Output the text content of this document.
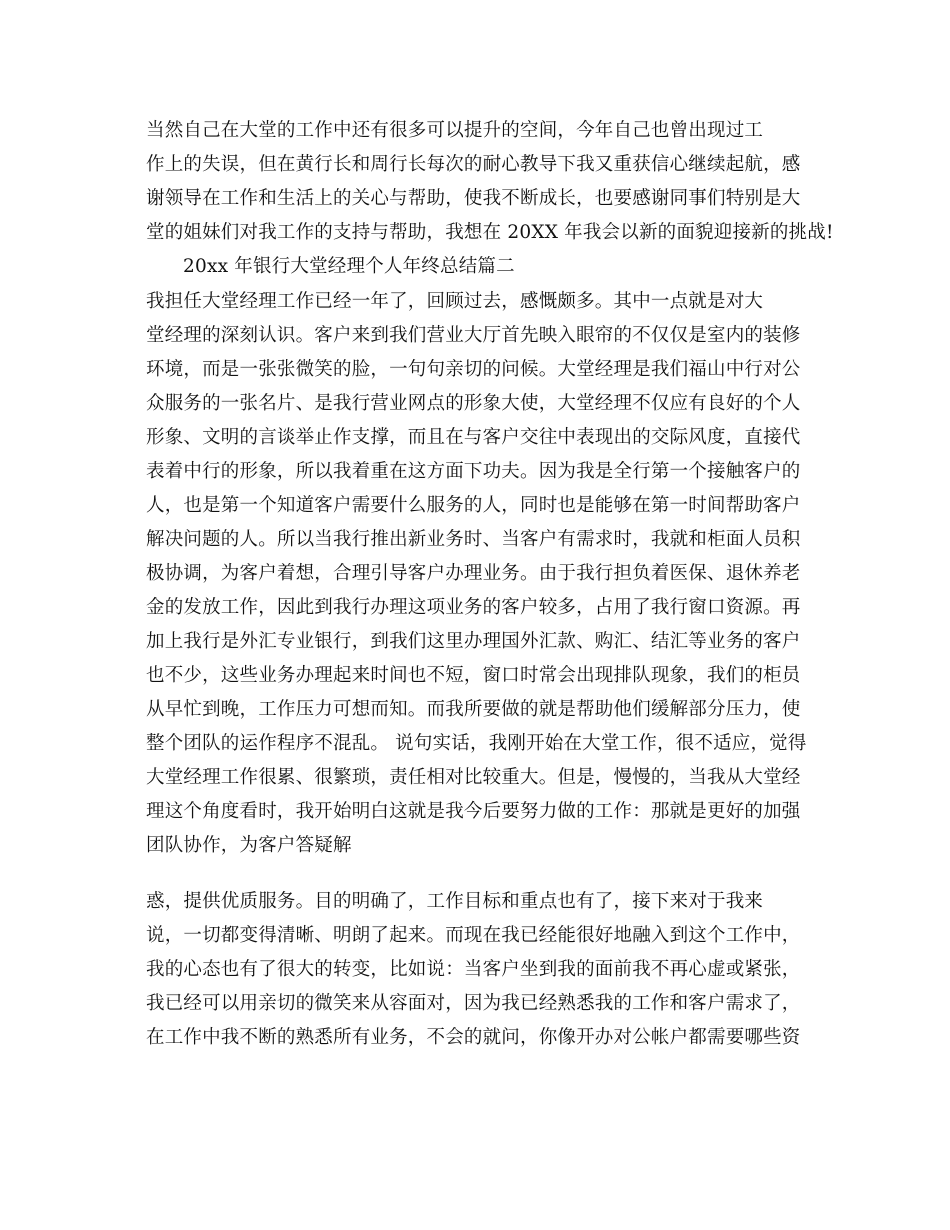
当然自己在大堂的工作中还有很多可以提升的空间，今年自己也曾出现过工
作上的失误，但在黄行长和周行长每次的耐心教导下我又重获信心继续起航，感
谢领导在工作和生活上的关心与帮助，使我不断成长，也要感谢同事们特别是大
堂的姐妹们对我工作的支持与帮助，我想在 20XX 年我会以新的面貌迎接新的挑战!
20xx 年银行大堂经理个人年终总结篇二
我担任大堂经理工作已经一年了，回顾过去，感慨颇多。其中一点就是对大
堂经理的深刻认识。客户来到我们营业大厅首先映入眼帘的不仅仅是室内的装修
环境，而是一张张微笑的脸，一句句亲切的问候。大堂经理是我们福山中行对公
众服务的一张名片、是我行营业网点的形象大使，大堂经理不仅应有良好的个人
形象、文明的言谈举止作支撑，而且在与客户交往中表现出的交际风度，直接代
表着中行的形象，所以我着重在这方面下功夫。因为我是全行第一个接触客户的
人，也是第一个知道客户需要什么服务的人，同时也是能够在第一时间帮助客户
解决问题的人。所以当我行推出新业务时、当客户有需求时，我就和柜面人员积
极协调，为客户着想，合理引导客户办理业务。由于我行担负着医保、退休养老
金的发放工作，因此到我行办理这项业务的客户较多，占用了我行窗口资源。再
加上我行是外汇专业银行，到我们这里办理国外汇款、购汇、结汇等业务的客户
也不少，这些业务办理起来时间也不短，窗口时常会出现排队现象，我们的柜员
从早忙到晚，工作压力可想而知。而我所要做的就是帮助他们缓解部分压力，使
整个团队的运作程序不混乱。 说句实话，我刚开始在大堂工作，很不适应，觉得
大堂经理工作很累、很繁琐，责任相对比较重大。但是，慢慢的，当我从大堂经
理这个角度看时，我开始明白这就是我今后要努力做的工作：那就是更好的加强
团队协作，为客户答疑解
惑，提供优质服务。目的明确了，工作目标和重点也有了，接下来对于我来
说，一切都变得清晰、明朗了起来。而现在我已经能很好地融入到这个工作中，
我的心态也有了很大的转变，比如说：当客户坐到我的面前我不再心虚或紧张，
我已经可以用亲切的微笑来从容面对，因为我已经熟悉我的工作和客户需求了，
在工作中我不断的熟悉所有业务，不会的就问，你像开办对公帐户都需要哪些资
